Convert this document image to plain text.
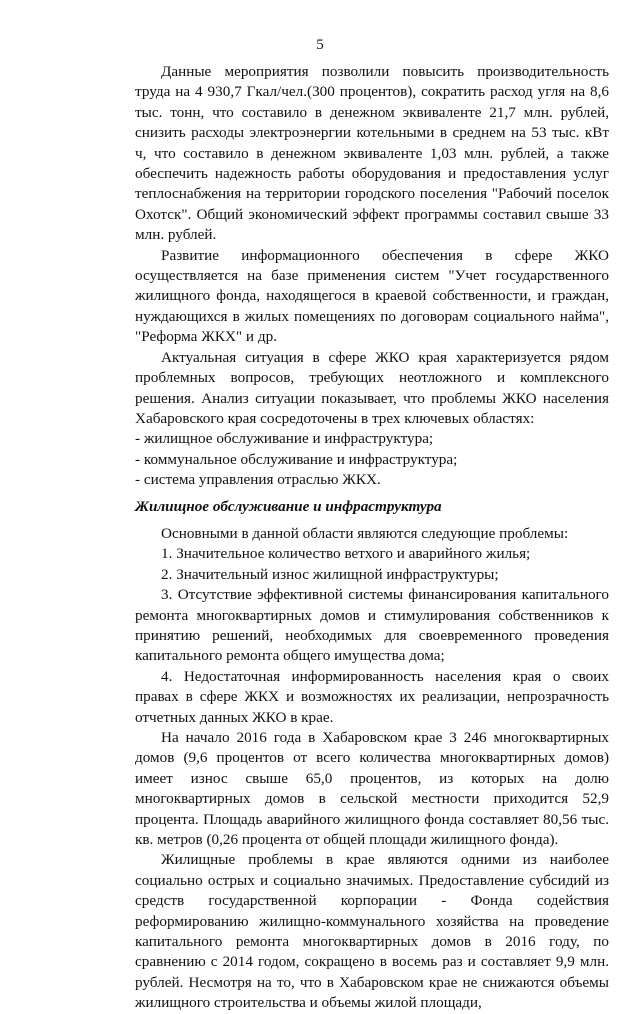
5

Данные мероприятия позволили повысить производительность труда на 4 930,7 Гкал/чел.(300 процентов), сократить расход угля на 8,6 тыс. тонн, что составило в денежном эквиваленте 21,7 млн. рублей, снизить расходы электроэнергии котельными в среднем на 53 тыс. кВт ч, что составило в денежном эквиваленте 1,03 млн. рублей, а также обеспечить надежность работы оборудования и предоставления услуг теплоснабжения на территории городского поселения "Рабочий поселок Охотск". Общий экономический эффект программы составил свыше 33 млн. рублей.

Развитие информационного обеспечения в сфере ЖКО осуществляется на базе применения систем "Учет государственного жилищного фонда, находящегося в краевой собственности, и граждан, нуждающихся в жилых помещениях по договорам социального найма", "Реформа ЖКХ" и др.

Актуальная ситуация в сфере ЖКО края характеризуется рядом проблемных вопросов, требующих неотложного и комплексного решения. Анализ ситуации показывает, что проблемы ЖКО населения Хабаровского края сосредоточены в трех ключевых областях:

- жилищное обслуживание и инфраструктура;

- коммунальное обслуживание и инфраструктура;

- система управления отраслью ЖКХ.

Жилищное обслуживание и инфраструктура

Основными в данной области являются следующие проблемы:

1. Значительное количество ветхого и аварийного жилья;

2. Значительный износ жилищной инфраструктуры;

3. Отсутствие эффективной системы финансирования капитального ремонта многоквартирных домов и стимулирования собственников к принятию решений, необходимых для своевременного проведения капитального ремонта общего имущества дома;

4. Недостаточная информированность населения края о своих правах в сфере ЖКХ и возможностях их реализации, непрозрачность отчетных данных ЖКО в крае.

На начало 2016 года в Хабаровском крае 3 246 многоквартирных домов (9,6 процентов от всего количества многоквартирных домов) имеет износ свыше 65,0 процентов, из которых на долю многоквартирных домов в сельской местности приходится 52,9 процента. Площадь аварийного жилищного фонда составляет 80,56 тыс. кв. метров (0,26 процента от общей площади жилищного фонда).

Жилищные проблемы в крае являются одними из наиболее социально острых и социально значимых. Предоставление субсидий из средств государственной корпорации - Фонда содействия реформированию жилищно-коммунального хозяйства на проведение капитального ремонта многоквартирных домов в 2016 году, по сравнению с 2014 годом, сокращено в восемь раз и составляет 9,9 млн. рублей. Несмотря на то, что в Хабаровском крае не снижаются объемы жилищного строительства и объемы жилой площади,
